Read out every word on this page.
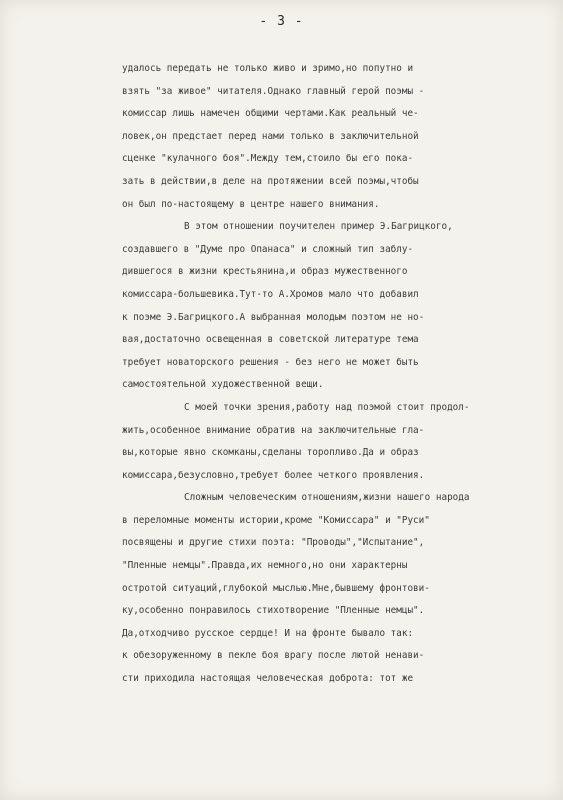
- 3 -
удалось передать не только живо и зримо,но попутно и
взять "за живое" читателя.Однако главный герой поэмы -
комиссар лишь намечен общими чертами.Как реальный че-
ловек,он предстает перед нами только в заключительной
сценке "кулачного боя".Между тем,стоило бы его пока-
зать в действии,в деле на протяжении всей поэмы,чтобы
он был по-настоящему в центре нашего внимания.
В этом отношении поучителен пример Э.Багрицкого,
создавшего в "Думе про Опанаса" и сложный тип заблу-
дившегося в жизни крестьянина,и образ мужественного
комиссара-большевика.Тут-то А.Хромов мало что добавил
к поэме Э.Багрицкого.А выбранная молодым поэтом не но-
вая,достаточно освещенная в советской литературе тема
требует новаторского решения - без него не может быть
самостоятельной художественной вещи.
С моей точки зрения,работу над поэмой стоит продол-
жить,особенное внимание обратив на заключительные гла-
вы,которые явно скомканы,сделаны торопливо.Да и образ
комиссара,безусловно,требует более четкого проявления.
Сложным человеческим отношениям,жизни нашего народа
в переломные моменты истории,кроме "Комиссара" и "Руси"
посвящены и другие стихи поэта: "Проводы","Испытание",
"Пленные немцы".Правда,их немного,но они характерны
остротой ситуаций,глубокой мыслью.Мне,бывшему фронтови-
ку,особенно понравилось стихотворение "Пленные немцы".
Да,отходчиво русское сердце! И на фронте бывало так:
к обезоруженному в пекле боя врагу после лютой ненави-
сти приходила настоящая человеческая доброта: тот же
